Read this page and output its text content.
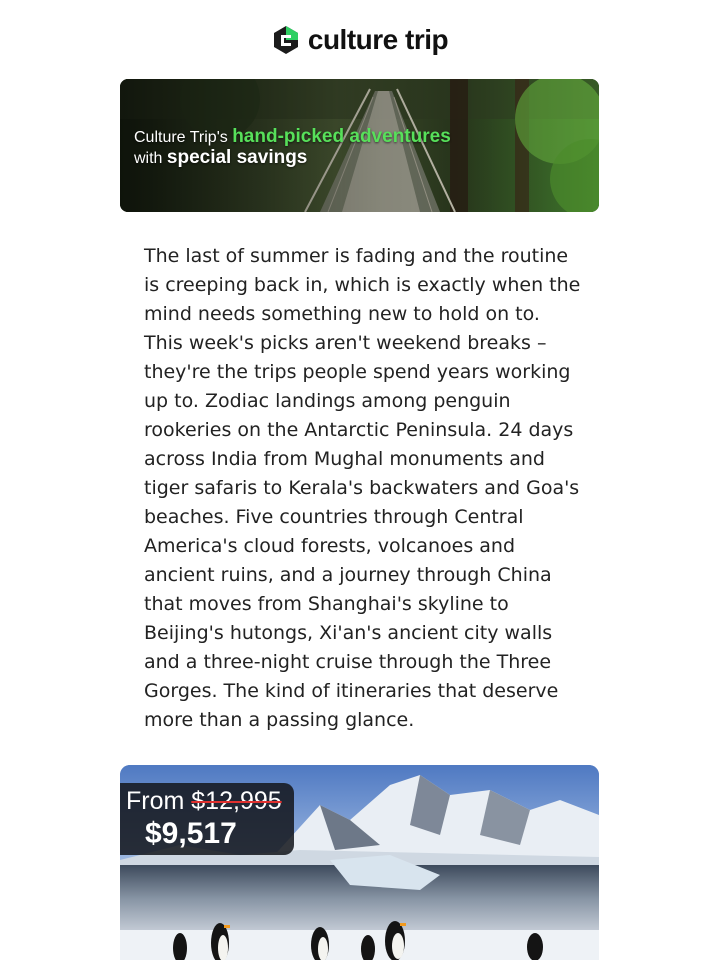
culture trip
Culture Trip's hand-picked adventures
with special savings
The last of summer is fading and the routine is creeping back in, which is exactly when the mind needs something new to hold on to. This week's picks aren't weekend breaks – they're the trips people spend years working up to. Zodiac landings among penguin rookeries on the Antarctic Peninsula. 24 days across India from Mughal monuments and tiger safaris to Kerala's backwaters and Goa's beaches. Five countries through Central America's cloud forests, volcanoes and ancient ruins, and a journey through China that moves from Shanghai's skyline to Beijing's hutongs, Xi'an's ancient city walls and a three-night cruise through the Three Gorges. The kind of itineraries that deserve more than a passing glance.
From $12,995
$9,517
